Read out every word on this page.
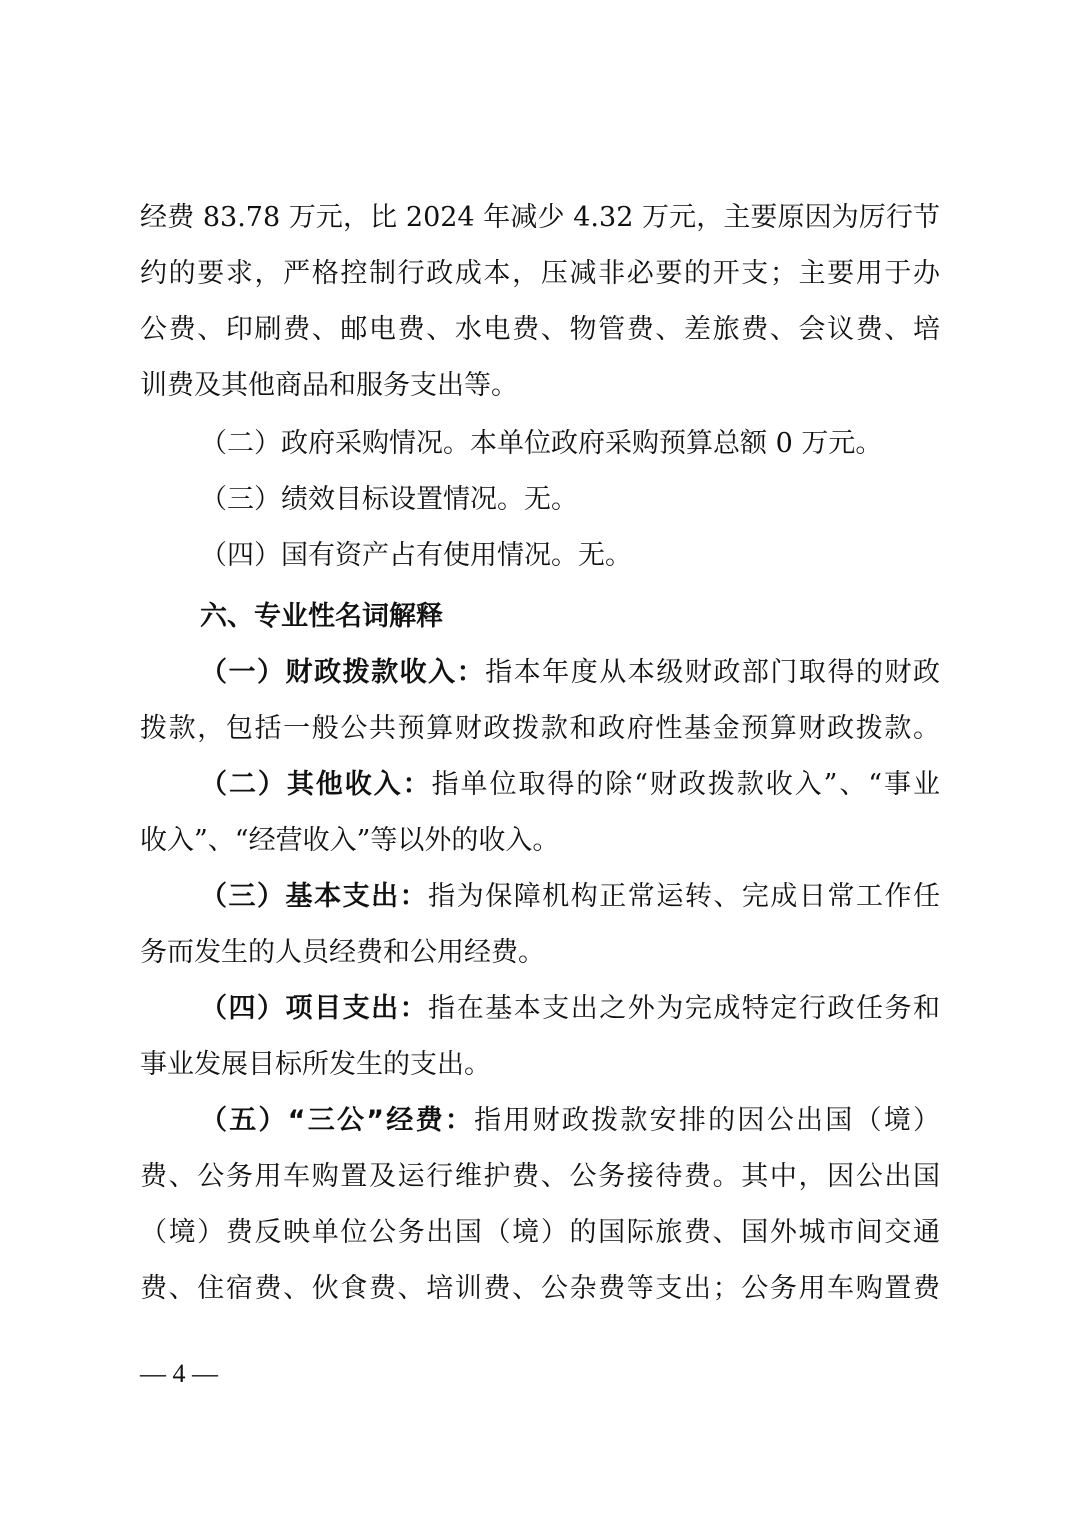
经费 83.78 万元，比 2024 年减少 4.32 万元，主要原因为厉行节
约的要求，严格控制行政成本，压减非必要的开支；主要用于办
公费、印刷费、邮电费、水电费、物管费、差旅费、会议费、培
训费及其他商品和服务支出等。
（二）政府采购情况。本单位政府采购预算总额 0 万元。
（三）绩效目标设置情况。无。
（四）国有资产占有使用情况。无。
六、专业性名词解释
（一）财政拨款收入：指本年度从本级财政部门取得的财政
拨款，包括一般公共预算财政拨款和政府性基金预算财政拨款。
（二）其他收入：指单位取得的除“财政拨款收入”、“事业
收入”、“经营收入”等以外的收入。
（三）基本支出：指为保障机构正常运转、完成日常工作任
务而发生的人员经费和公用经费。
（四）项目支出：指在基本支出之外为完成特定行政任务和
事业发展目标所发生的支出。
（五）“三公”经费：指用财政拨款安排的因公出国（境）
费、公务用车购置及运行维护费、公务接待费。其中，因公出国
（境）费反映单位公务出国（境）的国际旅费、国外城市间交通
费、住宿费、伙食费、培训费、公杂费等支出；公务用车购置费
— 4 —
